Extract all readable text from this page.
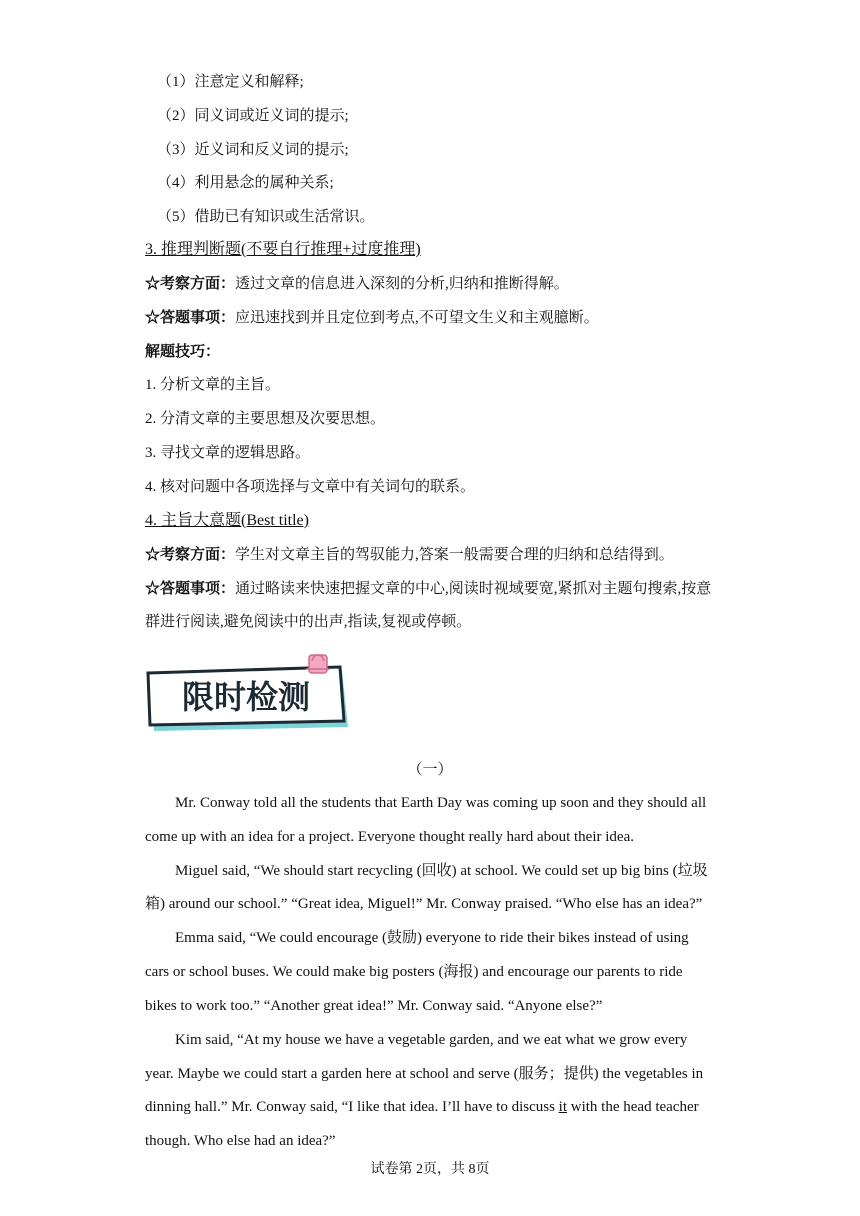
（1）注意定义和解释;
（2）同义词或近义词的提示;
（3）近义词和反义词的提示;
（4）利用悬念的属种关系;
（5）借助已有知识或生活常识。
3. 推理判断题(不要自行推理+过度推理)
☆考察方面：透过文章的信息进入深刻的分析,归纳和推断得解。
☆答题事项：应迅速找到并且定位到考点,不可望文生义和主观臆断。
解题技巧：
1. 分析文章的主旨。
2. 分清文章的主要思想及次要思想。
3. 寻找文章的逻辑思路。
4. 核对问题中各项选择与文章中有关词句的联系。
4. 主旨大意题(Best title)
☆考察方面：学生对文章主旨的驾驭能力,答案一般需要合理的归纳和总结得到。
☆答题事项：通过略读来快速把握文章的中心,阅读时视域要宽,紧抓对主题句搜索,按意
群进行阅读,避免阅读中的出声,指读,复视或停顿。
限时检测
（一）
Mr. Conway told all the students that Earth Day was coming up soon and they should all
come up with an idea for a project. Everyone thought really hard about their idea.
Miguel said, “We should start recycling (回收) at school. We could set up big bins (垃圾
箱) around our school.” “Great idea, Miguel!” Mr. Conway praised. “Who else has an idea?”
Emma said, “We could encourage (鼓励) everyone to ride their bikes instead of using
cars or school buses. We could make big posters (海报) and encourage our parents to ride
bikes to work too.” “Another great idea!” Mr. Conway said. “Anyone else?”
Kim said, “At my house we have a vegetable garden, and we eat what we grow every
year. Maybe we could start a garden here at school and serve (服务；提供) the vegetables in
dinning hall.” Mr. Conway said, “I like that idea. I’ll have to discuss it with the head teacher
though. Who else had an idea?”
试卷第 2页，共 8页
